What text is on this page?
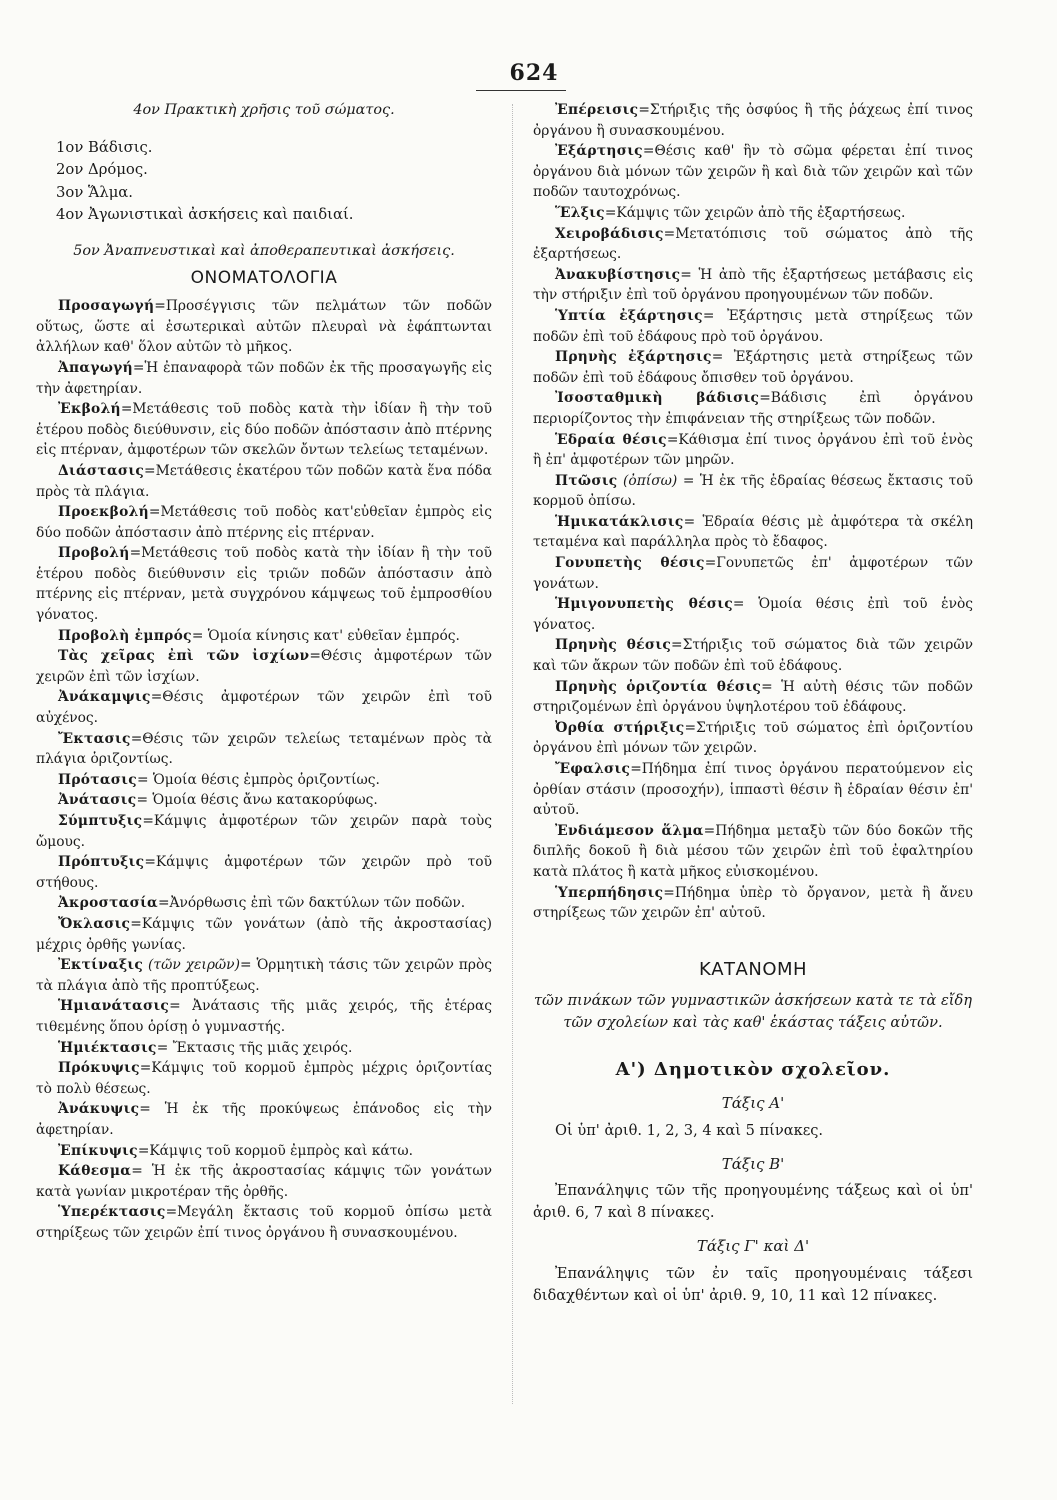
624

4ον Πρακτικὴ χρῆσις τοῦ σώματος.

1ον Βάδισις.

2ον Δρόμος.

3ον Ἅλμα.

4ον Ἀγωνιστικαὶ ἀσκήσεις καὶ παιδιαί.

5ον Ἀναπνευστικαὶ καὶ ἀποθεραπευτικαὶ ἀσκήσεις.

ΟΝΟΜΑΤΟΛΟΓΙΑ

Προσαγωγή=Προσέγγισις τῶν πελμάτων τῶν ποδῶν οὕτως, ὥστε αἱ ἐσωτερικαὶ αὐτῶν πλευραὶ νὰ ἐφάπτωνται ἀλλήλων καθ' ὅλον αὐτῶν τὸ μῆκος.

Ἀπαγωγή=Ἡ ἐπαναφορὰ τῶν ποδῶν ἐκ τῆς προσαγωγῆς εἰς τὴν ἀφετηρίαν.

Ἐκβολή=Μετάθεσις τοῦ ποδὸς κατὰ τὴν ἰδίαν ἢ τὴν τοῦ ἑτέρου ποδὸς διεύθυνσιν, εἰς δύο ποδῶν ἀπόστασιν ἀπὸ πτέρνης εἰς πτέρναν, ἀμφοτέρων τῶν σκελῶν ὄντων τελείως τεταμένων.

Διάστασις=Μετάθεσις ἑκατέρου τῶν ποδῶν κατὰ ἕνα πόδα πρὸς τὰ πλάγια.

Προεκβολή=Μετάθεσις τοῦ ποδὸς κατ'εὐθεῖαν ἐμπρὸς εἰς δύο ποδῶν ἀπόστασιν ἀπὸ πτέρνης εἰς πτέρναν.

Προβολή=Μετάθεσις τοῦ ποδὸς κατὰ τὴν ἰδίαν ἢ τὴν τοῦ ἑτέρου ποδὸς διεύθυνσιν εἰς τριῶν ποδῶν ἀπόστασιν ἀπὸ πτέρνης εἰς πτέρναν, μετὰ συγχρόνου κάμψεως τοῦ ἐμπροσθίου γόνατος.

Προβολὴ ἐμπρός= Ὁμοία κίνησις κατ' εὐθεῖαν ἐμπρός.

Τὰς χεῖρας ἐπὶ τῶν ἰσχίων=Θέσις ἀμφοτέρων τῶν χειρῶν ἐπὶ τῶν ἰσχίων.

Ἀνάκαμψις=Θέσις ἀμφοτέρων τῶν χειρῶν ἐπὶ τοῦ αὐχένος.

Ἔκτασις=Θέσις τῶν χειρῶν τελείως τεταμένων πρὸς τὰ πλάγια ὁριζοντίως.

Πρότασις= Ὁμοία θέσις ἐμπρὸς ὁριζοντίως.

Ἀνάτασις= Ὁμοία θέσις ἄνω κατακορύφως.

Σύμπτυξις=Κάμψις ἀμφοτέρων τῶν χειρῶν παρὰ τοὺς ὤμους.

Πρόπτυξις=Κάμψις ἀμφοτέρων τῶν χειρῶν πρὸ τοῦ στήθους.

Ἀκροστασία=Ἀνόρθωσις ἐπὶ τῶν δακτύλων τῶν ποδῶν.

Ὄκλασις=Κάμψις τῶν γονάτων (ἀπὸ τῆς ἀκροστασίας) μέχρις ὀρθῆς γωνίας.

Ἐκτίναξις (τῶν χειρῶν)= Ὁρμητικὴ τάσις τῶν χειρῶν πρὸς τὰ πλάγια ἀπὸ τῆς προπτύξεως.

Ἡμιανάτασις= Ἀνάτασις τῆς μιᾶς χειρός, τῆς ἑτέρας τιθεμένης ὅπου ὁρίσῃ ὁ γυμναστής.

Ἡμιέκτασις= Ἔκτασις τῆς μιᾶς χειρός.

Πρόκυψις=Κάμψις τοῦ κορμοῦ ἐμπρὸς μέχρις ὁριζοντίας τὸ πολὺ θέσεως.

Ἀνάκυψις= Ἡ ἐκ τῆς προκύψεως ἐπάνοδος εἰς τὴν ἀφετηρίαν.

Ἐπίκυψις=Κάμψις τοῦ κορμοῦ ἐμπρὸς καὶ κάτω.

Κάθεσμα= Ἡ ἐκ τῆς ἀκροστασίας κάμψις τῶν γονάτων κατὰ γωνίαν μικροτέραν τῆς ὀρθῆς.

Ὑπερέκτασις=Μεγάλη ἔκτασις τοῦ κορμοῦ ὀπίσω μετὰ στηρίξεως τῶν χειρῶν ἐπί τινος ὀργάνου ἢ συνασκουμένου.

Ἐπέρεισις=Στήριξις τῆς ὀσφύος ἢ τῆς ῥάχεως ἐπί τινος ὀργάνου ἢ συνασκουμένου.

Ἐξάρτησις=Θέσις καθ' ἣν τὸ σῶμα φέρεται ἐπί τινος ὀργάνου διὰ μόνων τῶν χειρῶν ἢ καὶ διὰ τῶν χειρῶν καὶ τῶν ποδῶν ταυτοχρόνως.

Ἕλξις=Κάμψις τῶν χειρῶν ἀπὸ τῆς ἐξαρτήσεως.

Χειροβάδισις=Μετατόπισις τοῦ σώματος ἀπὸ τῆς ἐξαρτήσεως.

Ἀνακυβίστησις= Ἡ ἀπὸ τῆς ἐξαρτήσεως μετάβασις εἰς τὴν στήριξιν ἐπὶ τοῦ ὀργάνου προηγουμένων τῶν ποδῶν.

Ὑπτία ἐξάρτησις= Ἐξάρτησις μετὰ στηρίξεως τῶν ποδῶν ἐπὶ τοῦ ἐδάφους πρὸ τοῦ ὀργάνου.

Πρηνὴς ἐξάρτησις= Ἐξάρτησις μετὰ στηρίξεως τῶν ποδῶν ἐπὶ τοῦ ἐδάφους ὄπισθεν τοῦ ὀργάνου.

Ἰσοσταθμικὴ βάδισις=Βάδισις ἐπὶ ὀργάνου περιορίζοντος τὴν ἐπιφάνειαν τῆς στηρίξεως τῶν ποδῶν.

Ἑδραία θέσις=Κάθισμα ἐπί τινος ὀργάνου ἐπὶ τοῦ ἑνὸς ἢ ἐπ' ἀμφοτέρων τῶν μηρῶν.

Πτῶσις (ὀπίσω) = Ἡ ἐκ τῆς ἑδραίας θέσεως ἔκτασις τοῦ κορμοῦ ὀπίσω.

Ἡμικατάκλισις= Ἑδραία θέσις μὲ ἀμφότερα τὰ σκέλη τεταμένα καὶ παράλληλα πρὸς τὸ ἔδαφος.

Γονυπετὴς θέσις=Γονυπετῶς ἐπ' ἀμφοτέρων τῶν γονάτων.

Ἡμιγονυπετὴς θέσις= Ὁμοία θέσις ἐπὶ τοῦ ἑνὸς γόνατος.

Πρηνὴς θέσις=Στήριξις τοῦ σώματος διὰ τῶν χειρῶν καὶ τῶν ἄκρων τῶν ποδῶν ἐπὶ τοῦ ἐδάφους.

Πρηνὴς ὁριζοντία θέσις= Ἡ αὐτὴ θέσις τῶν ποδῶν στηριζομένων ἐπὶ ὀργάνου ὑψηλοτέρου τοῦ ἐδάφους.

Ὀρθία στήριξις=Στήριξις τοῦ σώματος ἐπὶ ὁριζοντίου ὀργάνου ἐπὶ μόνων τῶν χειρῶν.

Ἔφαλσις=Πήδημα ἐπί τινος ὀργάνου περατούμενον εἰς ὀρθίαν στάσιν (προσοχήν), ἱππαστὶ θέσιν ἢ ἑδραίαν θέσιν ἐπ' αὐτοῦ.

Ἐνδιάμεσον ἅλμα=Πήδημα μεταξὺ τῶν δύο δοκῶν τῆς διπλῆς δοκοῦ ἢ διὰ μέσου τῶν χειρῶν ἐπὶ τοῦ ἐφαλτηρίου κατὰ πλάτος ἢ κατὰ μῆκος εὐισκομένου.

Ὑπερπήδησις=Πήδημα ὑπὲρ τὸ ὄργανον, μετὰ ἢ ἄνευ στηρίξεως τῶν χειρῶν ἐπ' αὐτοῦ.

ΚΑΤΑΝΟΜΗ

τῶν πινάκων τῶν γυμναστικῶν ἀσκήσεων κατὰ τε τὰ εἴδη τῶν σχολείων καὶ τὰς καθ' ἑκάστας τάξεις αὐτῶν.

Α') Δημοτικὸν σχολεῖον.

Τάξις Α'

Οἱ ὑπ' ἀριθ. 1, 2, 3, 4 καὶ 5 πίνακες.

Τάξις Β'

Ἐπανάληψις τῶν τῆς προηγουμένης τάξεως καὶ οἱ ὑπ' ἀριθ. 6, 7 καὶ 8 πίνακες.

Τάξις Γ' καὶ Δ'

Ἐπανάληψις τῶν ἐν ταῖς προηγουμέναις τάξεσι διδαχθέντων καὶ οἱ ὑπ' ἀριθ. 9, 10, 11 καὶ 12 πίνακες.
